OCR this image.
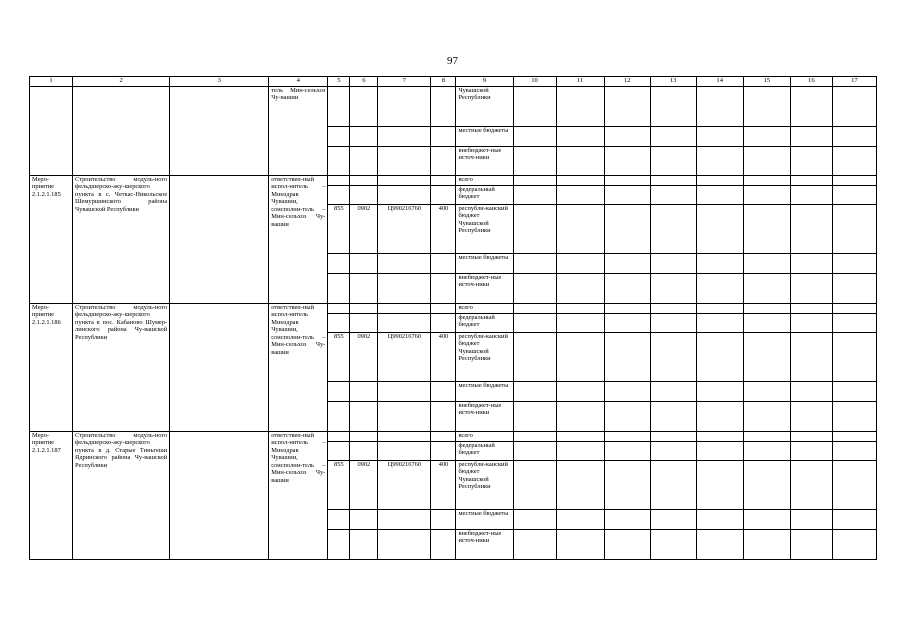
97
1	2	3	4	5	6	7	8	9	10	11	12	13	14	15	16	17
			тель Мин-сельхоз Чу-вашии					Чувашской Республики								
								местные бюджеты								
								внебюджет-ные источ-ники								
Меро-приятие 2.1.2.1.185	Строительство модуль-ного фельдшерско-аку-шерского пункта в с. Четкас-Никольское Шемуршинского района Чувашской Республики		ответствен-ный испол-нитель – Минздрав Чувашии, соисполни-тель – Мин-сельхоз Чу-вашии					всего								
								федеральный бюджет								
				855	0902	Ц990216760	400	республи-канский бюджет Чувашской Республики								
								местные бюджеты								
								внебюджет-ные источ-ники								
Меро-приятие 2.1.2.1.186	Строительство модуль-ного фельдшерско-аку-шерского пункта в пос. Кабаново Шумер-линского района Чу-вашской Республики		ответствен-ный испол-нитель Минздрав Чувашии, соисполни-тель – Мин-сельхоз Чу-вашии					всего								
								федеральный бюджет								
				855	0902	Ц990216760	400	республи-канский бюджет Чувашской Республики								
								местные бюджеты								
								внебюджет-ные источ-ники								
Меро-приятие 2.1.2.1.187	Строительство модуль-ного фельдшерско-аку-шерского пункта в д. Старые Тиньгеши Ядринского района Чу-вашской Республики		ответствен-ный испол-нитель – Минздрав Чувашии, соисполни-тель – Мин-сельхоз Чу-вашии					всего								
								федеральный бюджет								
				855	0902	Ц990216760	400	республи-канский бюджет Чувашской Республики								
								местные бюджеты								
								внебюджет-ные источ-ники								
